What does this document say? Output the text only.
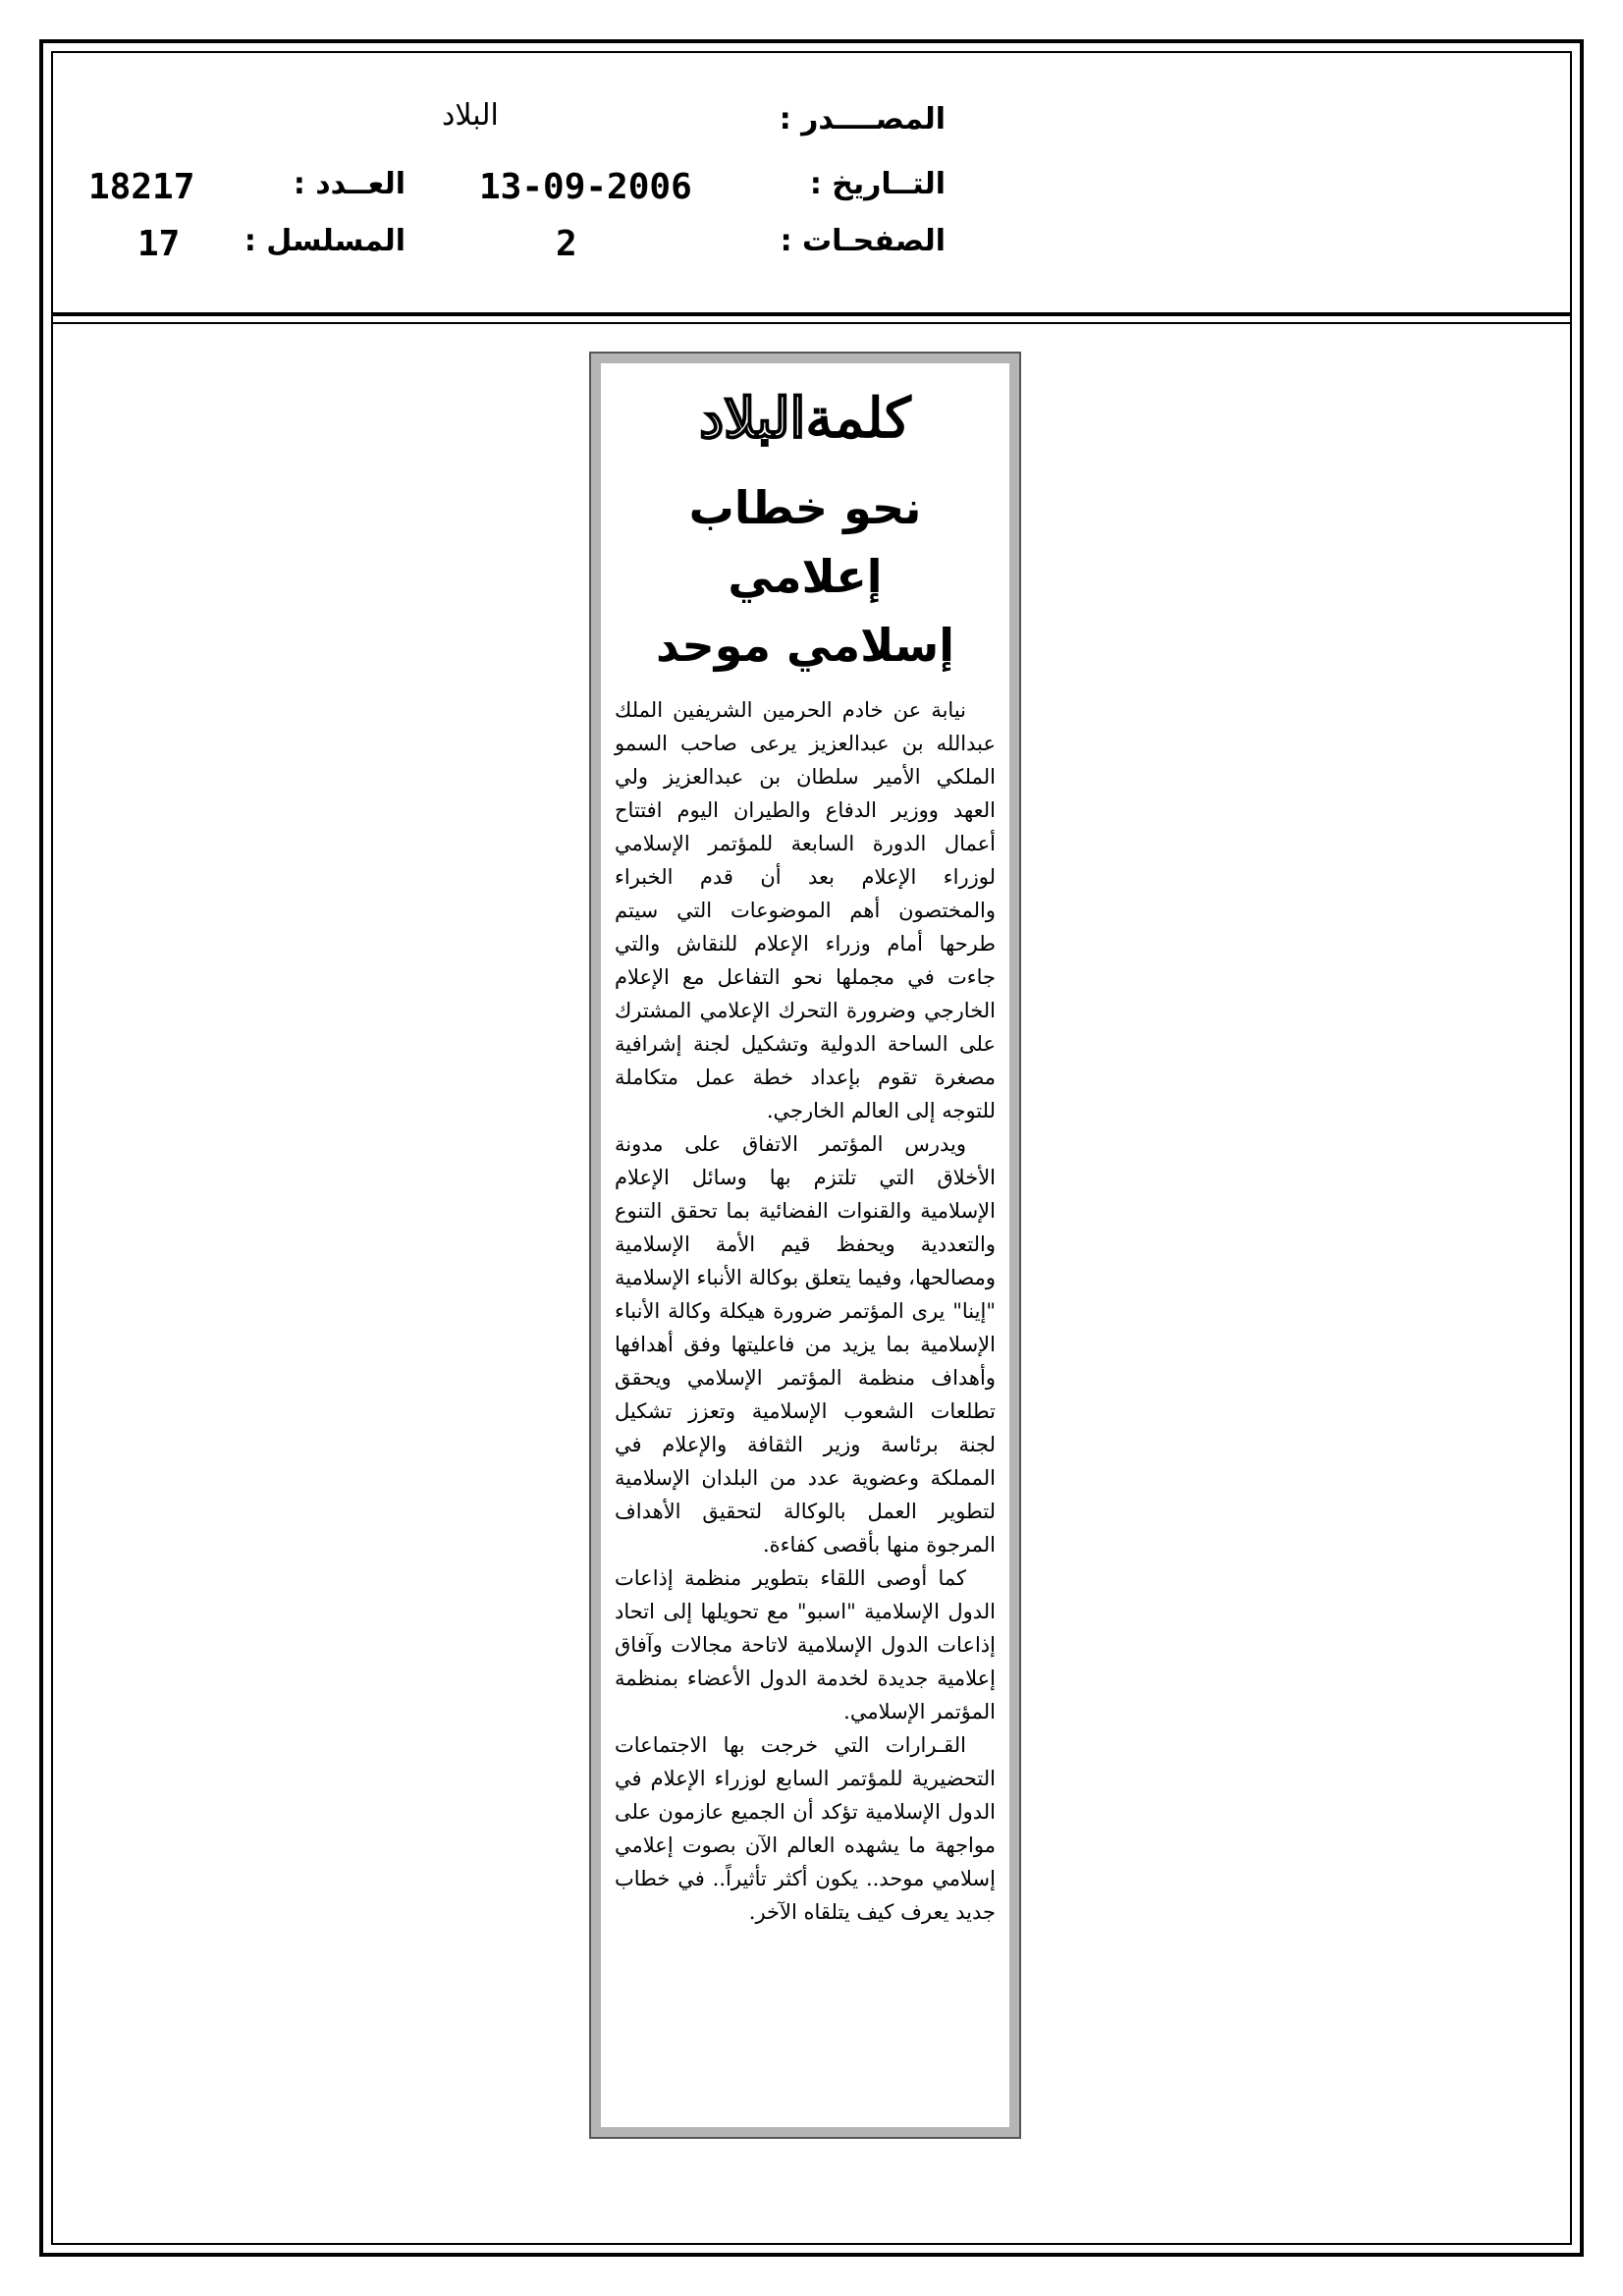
المصــــدر :
التــاريخ :
الصفحـات :
البلاد
13-09-2006
2
العــدد :
المسلسل :
18217
17
كلمةالبلاد
نحو خطاب إعلامي
إسلامي موحد

نيابة عن خادم الحرمين الشريفين الملك عبدالله بن عبدالعزيز يرعى صاحب السمو الملكي الأمير سلطان بن عبدالعزيز ولي العهد ووزير الدفاع والطيران اليوم افتتاح أعمال الدورة السابعة للمؤتمر الإسلامي لوزراء الإعلام بعد أن قدم الخبراء والمختصون أهم الموضوعات التي سيتم طرحها أمام وزراء الإعلام للنقاش والتي جاءت في مجملها نحو التفاعل مع الإعلام الخارجي وضرورة التحرك الإعلامي المشترك على الساحة الدولية وتشكيل لجنة إشرافية مصغرة تقوم بإعداد خطة عمل متكاملة للتوجه إلى العالم الخارجي.

ويدرس المؤتمر الاتفاق على مدونة الأخلاق التي تلتزم بها وسائل الإعلام الإسلامية والقنوات الفضائية بما تحقق التنوع والتعددية ويحفظ قيم الأمة الإسلامية ومصالحها، وفيما يتعلق بوكالة الأنباء الإسلامية "إينا" يرى المؤتمر ضرورة هيكلة وكالة الأنباء الإسلامية بما يزيد من فاعليتها وفق أهدافها وأهداف منظمة المؤتمر الإسلامي ويحقق تطلعات الشعوب الإسلامية وتعزز تشكيل لجنة برئاسة وزير الثقافة والإعلام في المملكة وعضوية عدد من البلدان الإسلامية لتطوير العمل بالوكالة لتحقيق الأهداف المرجوة منها بأقصى كفاءة.

كما أوصى اللقاء بتطوير منظمة إذاعات الدول الإسلامية "اسبو" مع تحويلها إلى اتحاد إذاعات الدول الإسلامية لاتاحة مجالات وآفاق إعلامية جديدة لخدمة الدول الأعضاء بمنظمة المؤتمر الإسلامي.

القـرارات التي خرجت بها الاجتماعات التحضيرية للمؤتمر السابع لوزراء الإعلام في الدول الإسلامية تؤكد أن الجميع عازمون على مواجهة ما يشهده العالم الآن بصوت إعلامي إسلامي موحد.. يكون أكثر تأثيراً.. في خطاب جديد يعرف كيف يتلقاه الآخر.
